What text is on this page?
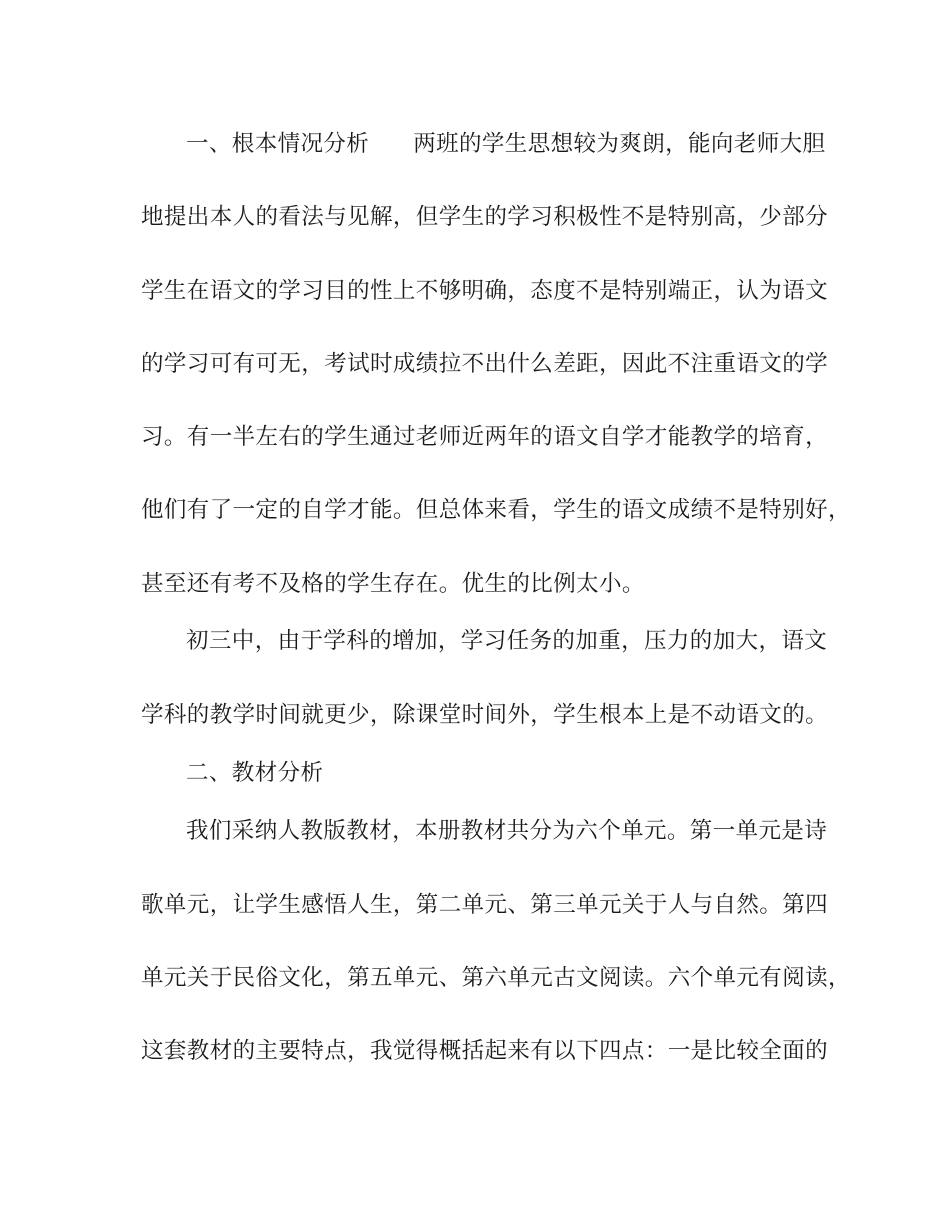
一、根本情况分析 两班的学生思想较为爽朗，能向老师大胆
地提出本人的看法与见解，但学生的学习积极性不是特别高，少部分
学生在语文的学习目的性上不够明确，态度不是特别端正，认为语文
的学习可有可无，考试时成绩拉不出什么差距，因此不注重语文的学
习。有一半左右的学生通过老师近两年的语文自学才能教学的培育，
他们有了一定的自学才能。但总体来看，学生的语文成绩不是特别好，
甚至还有考不及格的学生存在。优生的比例太小。
初三中，由于学科的增加，学习任务的加重，压力的加大，语文
学科的教学时间就更少，除课堂时间外，学生根本上是不动语文的。
二、教材分析
我们采纳人教版教材，本册教材共分为六个单元。第一单元是诗
歌单元，让学生感悟人生，第二单元、第三单元关于人与自然。第四
单元关于民俗文化，第五单元、第六单元古文阅读。六个单元有阅读，
这套教材的主要特点，我觉得概括起来有以下四点：一是比较全面的
